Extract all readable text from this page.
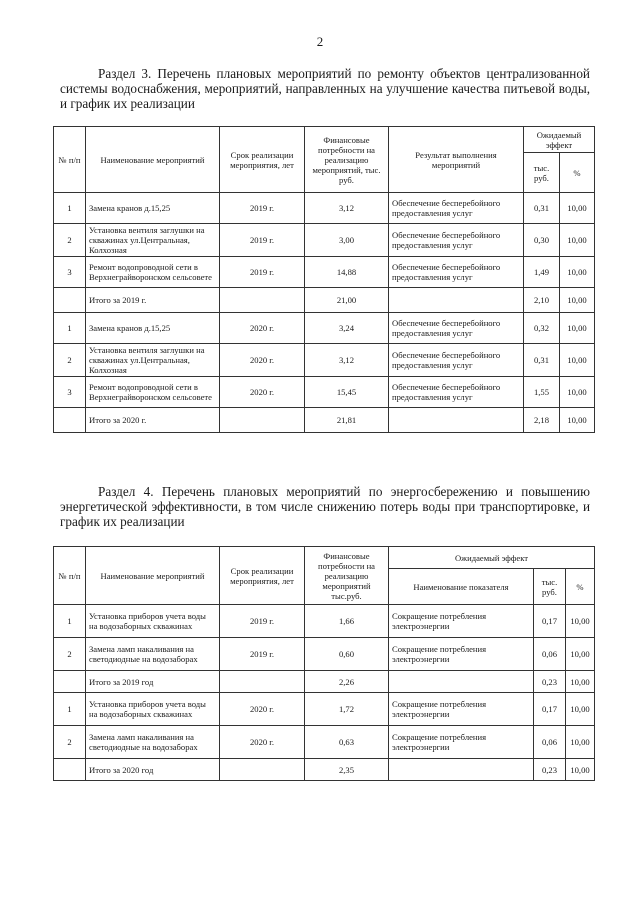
2
Раздел 3. Перечень плановых мероприятий по ремонту объектов централизованной системы водоснабжения, мероприятий, направленных на улучшение качества питьевой воды, и график их реализации
№ п/п	Наименование мероприятий	Срок реализации мероприятия, лет	Финансовые потребности на реализацию мероприятий, тыс. руб.	Результат выполнения мероприятий	Ожидаемый эффект	
					тыс. руб.	%
1	Замена кранов д.15,25	2019 г.	3,12	Обеспечение бесперебойного предоставления услуг	0,31	10,00
2	Установка вентиля заглушки на скважинах ул.Центральная, Колхозная	2019 г.	3,00	Обеспечение бесперебойного предоставления услуг	0,30	10,00
3	Ремонт водопроводной сети в Верхнеграйворонском сельсовете	2019 г.	14,88	Обеспечение бесперебойного предоставления услуг	1,49	10,00
	Итого за 2019 г.		21,00		2,10	10,00
1	Замена кранов д.15,25	2020 г.	3,24	Обеспечение бесперебойного предоставления услуг	0,32	10,00
2	Установка вентиля заглушки на скважинах ул.Центральная, Колхозная	2020 г.	3,12	Обеспечение бесперебойного предоставления услуг	0,31	10,00
3	Ремонт водопроводной сети в Верхнеграйворонском сельсовете	2020 г.	15,45	Обеспечение бесперебойного предоставления услуг	1,55	10,00
	Итого за 2020 г.		21,81		2,18	10,00
Раздел 4. Перечень плановых мероприятий по энергосбережению и повышению энергетической эффективности, в том числе снижению потерь воды при транспортировке, и график их реализации
№ п/п	Наименование мероприятий	Срок реализации мероприятия, лет	Финансовые потребности на реализацию мероприятий тыс.руб.	Ожидаемый эффект		
				Наименование показателя	тыс. руб.	%
1	Установка приборов учета воды на водозаборных скважинах	2019 г.	1,66	Сокращение потребления электроэнергии	0,17	10,00
2	Замена ламп накаливания на светодиодные на водозаборах	2019 г.	0,60	Сокращение потребления электроэнергии	0,06	10,00
	Итого за 2019 год		2,26		0,23	10,00
1	Установка приборов учета воды на водозаборных скважинах	2020 г.	1,72	Сокращение потребления электроэнергии	0,17	10,00
2	Замена ламп накаливания на светодиодные на водозаборах	2020 г.	0,63	Сокращение потребления электроэнергии	0,06	10,00
	Итого за 2020 год		2,35		0,23	10,00
